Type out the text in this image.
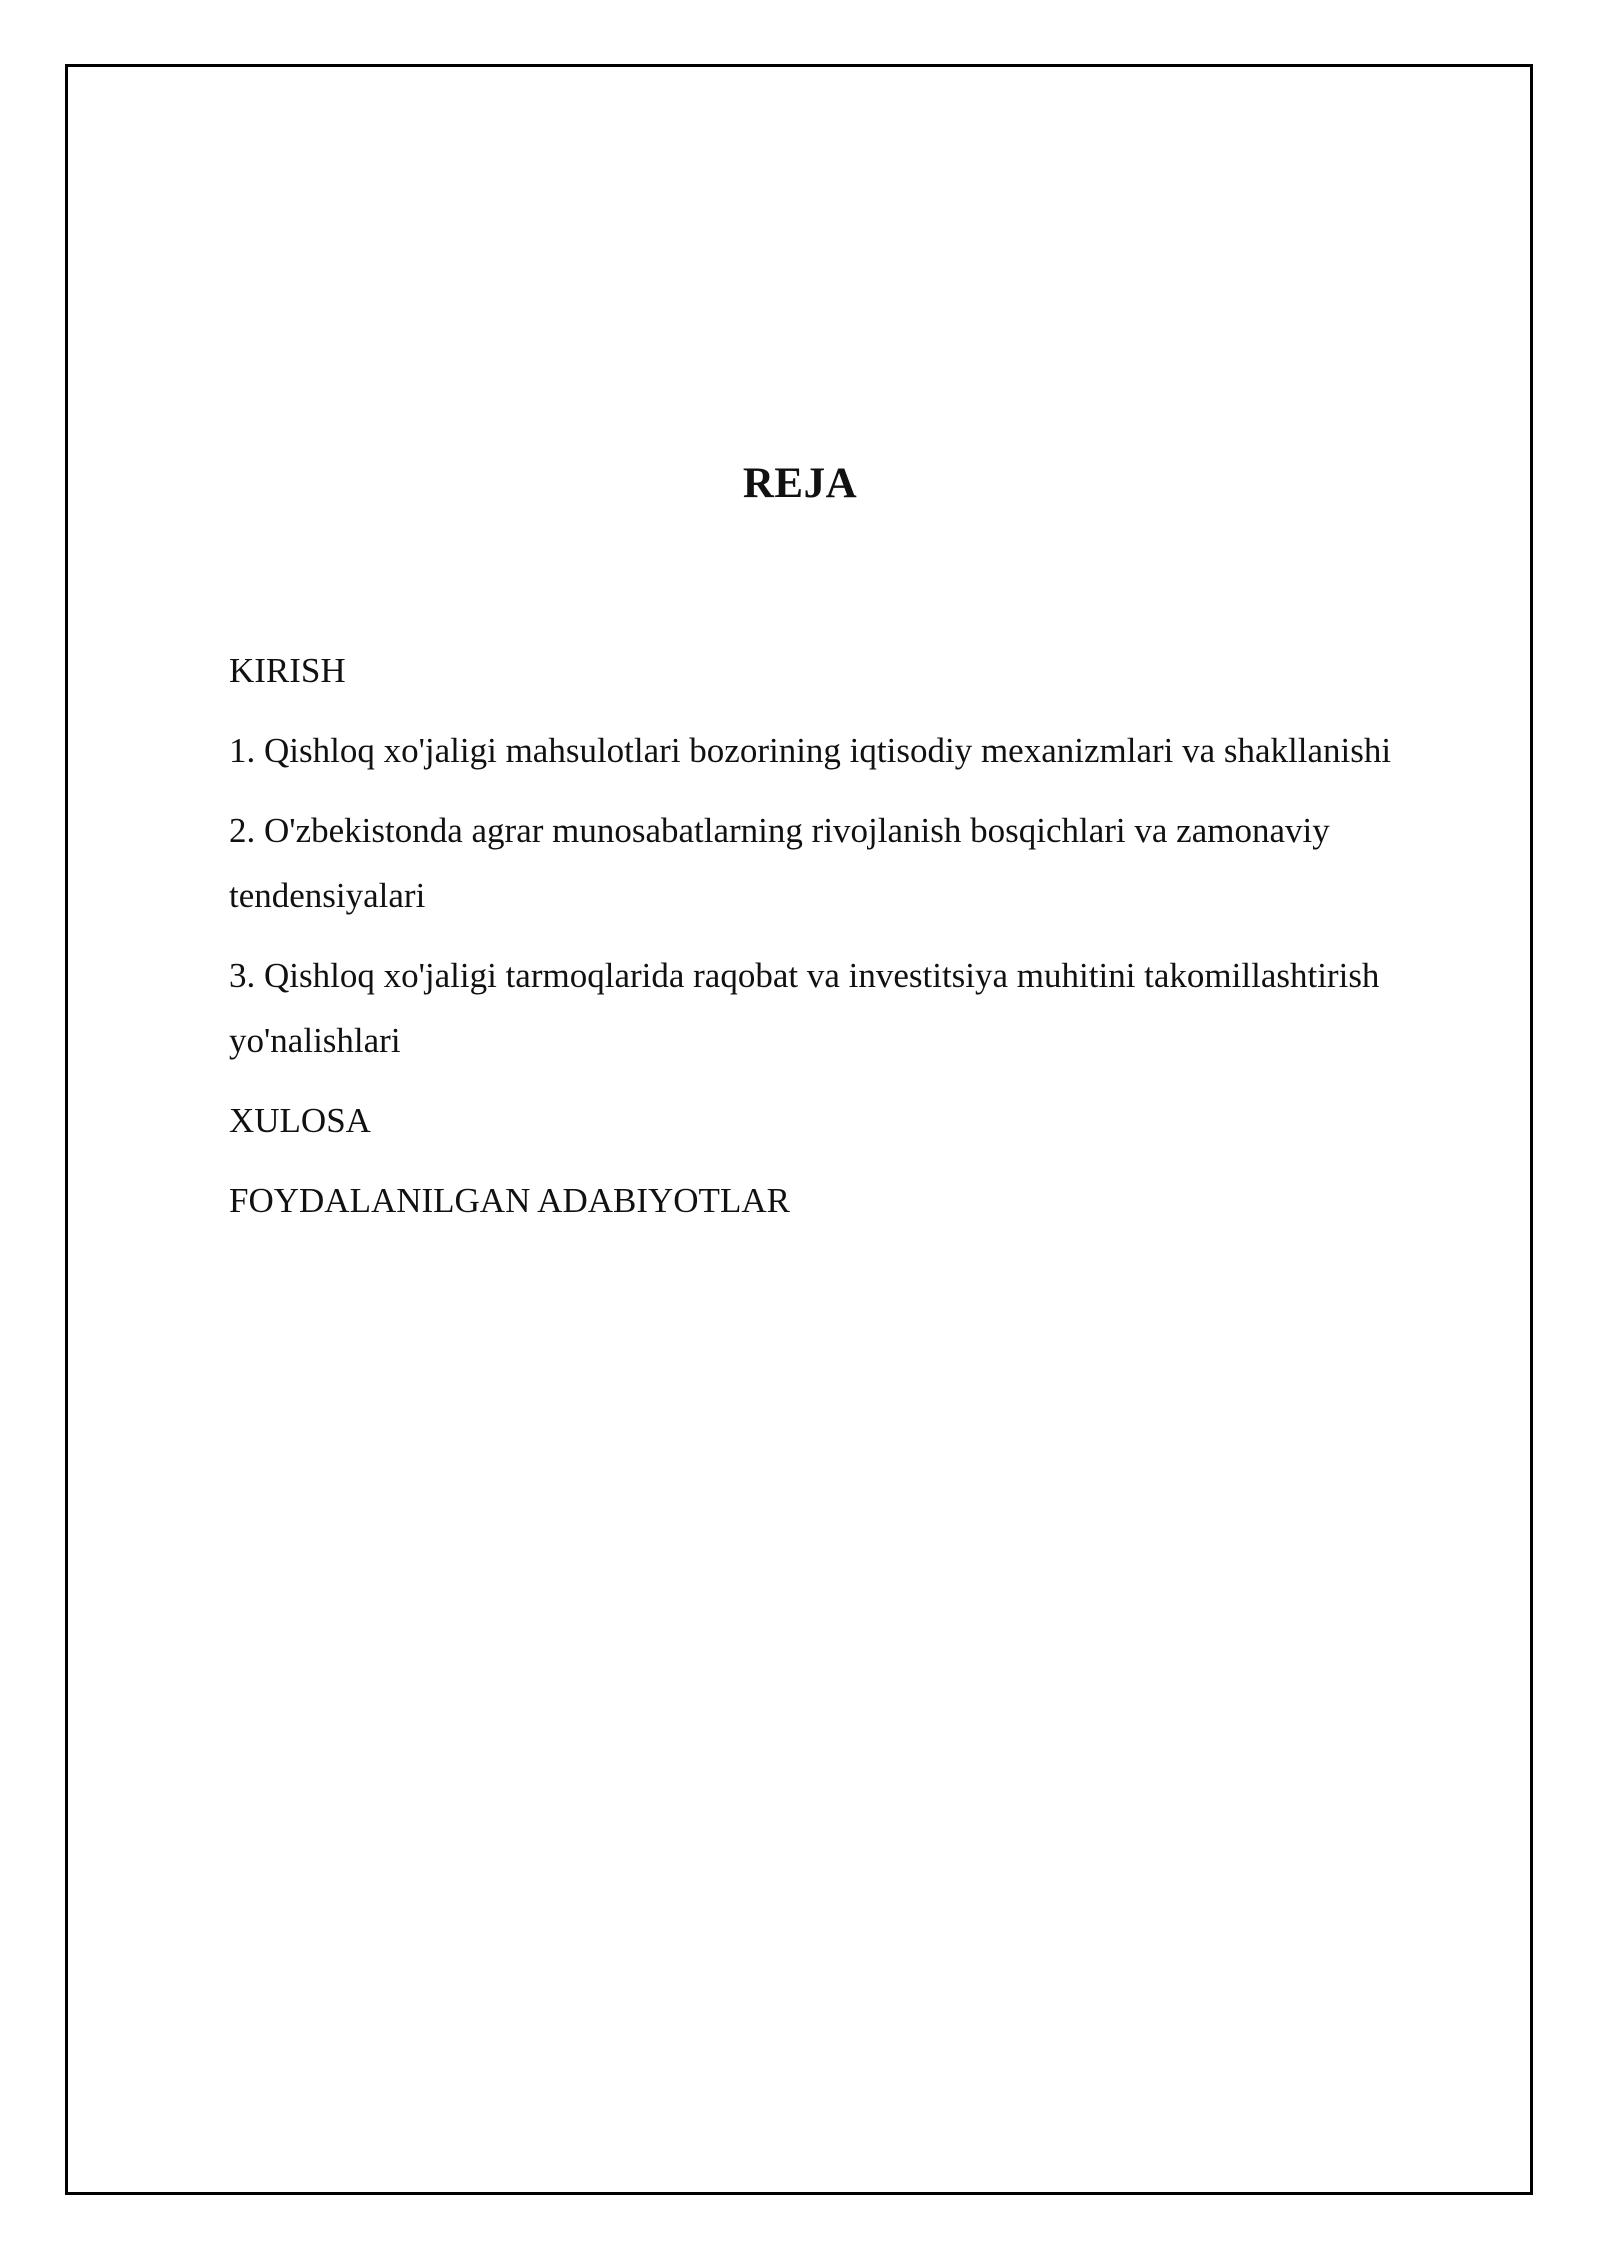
REJA
KIRISH
1. Qishloq xo'jaligi mahsulotlari bozorining iqtisodiy mexanizmlari va shakllanishi
2. O'zbekistonda agrar munosabatlarning rivojlanish bosqichlari va zamonaviy tendensiyalari
3. Qishloq xo'jaligi tarmoqlarida raqobat va investitsiya muhitini takomillashtirish yo'nalishlari
XULOSA
FOYDALANILGAN ADABIYOTLAR
